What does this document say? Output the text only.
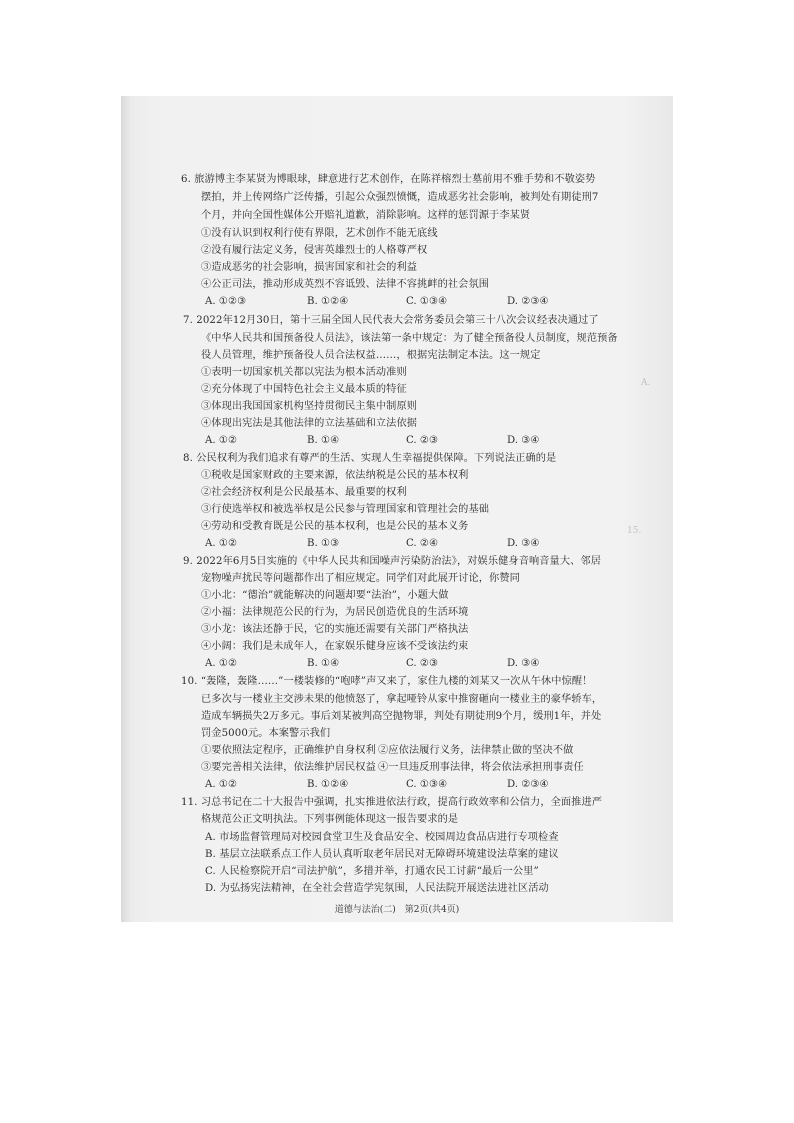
A.
15.
6. 旅游博主李某贤为博眼球，肆意进行艺术创作，在陈祥榕烈士墓前用不雅手势和不敬姿势
摆拍，并上传网络广泛传播，引起公众强烈愤慨，造成恶劣社会影响，被判处有期徒刑7
个月，并向全国性媒体公开赔礼道歉，消除影响。这样的惩罚源于李某贤
①没有认识到权利行使有界限，艺术创作不能无底线
②没有履行法定义务，侵害英雄烈士的人格尊严权
③造成恶劣的社会影响，损害国家和社会的利益
④公正司法，推动形成英烈不容诋毁、法律不容挑衅的社会氛围
A. ①②③	B. ①②④	C. ①③④	D. ②③④
7. 2022年12月30日，第十三届全国人民代表大会常务委员会第三十八次会议经表决通过了
《中华人民共和国预备役人员法》，该法第一条中规定：为了健全预备役人员制度，规范预备
役人员管理，维护预备役人员合法权益……，根据宪法制定本法。这一规定
①表明一切国家机关都以宪法为根本活动准则
②充分体现了中国特色社会主义最本质的特征
③体现出我国国家机构坚持贯彻民主集中制原则
④体现出宪法是其他法律的立法基础和立法依据
A. ①②	B. ①④	C. ②③	D. ③④
8. 公民权利为我们追求有尊严的生活、实现人生幸福提供保障。下列说法正确的是
①税收是国家财政的主要来源，依法纳税是公民的基本权利
②社会经济权利是公民最基本、最重要的权利
③行使选举权和被选举权是公民参与管理国家和管理社会的基础
④劳动和受教育既是公民的基本权利，也是公民的基本义务
A. ①②	B. ①③	C. ②④	D. ③④
9. 2022年6月5日实施的《中华人民共和国噪声污染防治法》，对娱乐健身音响音量大、邻居
宠物噪声扰民等问题都作出了相应规定。同学们对此展开讨论，你赞同
①小北：“德治”就能解决的问题却要“法治”，小题大做
②小福：法律规范公民的行为，为居民创造优良的生活环境
③小龙：该法还静于民，它的实施还需要有关部门严格执法
④小阔：我们是未成年人，在家娱乐健身应该不受该法约束
A. ①②	B. ①④	C. ②③	D. ③④
10. “轰隆，轰隆……”一楼装修的“咆哮”声又来了，家住九楼的刘某又一次从午休中惊醒！
已多次与一楼业主交涉未果的他愤怒了，拿起哑铃从家中推窗砸向一楼业主的豪华轿车，
造成车辆损失2万多元。事后刘某被判高空抛物罪，判处有期徒刑9个月，缓刑1年，并处
罚金5000元。本案警示我们
①要依照法定程序，正确维护自身权利 ②应依法履行义务，法律禁止做的坚决不做
③要完善相关法律，依法维护居民权益 ④一旦违反刑事法律，将会依法承担刑事责任
A. ①②	B. ①②④	C. ①③④	D. ②③④
11. 习总书记在二十大报告中强调，扎实推进依法行政，提高行政效率和公信力，全面推进严
格规范公正文明执法。下列事例能体现这一报告要求的是
A. 市场监督管理局对校园食堂卫生及食品安全、校园周边食品店进行专项检查
B. 基层立法联系点工作人员认真听取老年居民对无障碍环境建设法草案的建议
C. 人民检察院开启“司法护航”，多措并举，打通农民工讨薪“最后一公里”
D. 为弘扬宪法精神，在全社会营造学宪氛围，人民法院开展送法进社区活动
道德与法治(二)　第2页(共4页)
